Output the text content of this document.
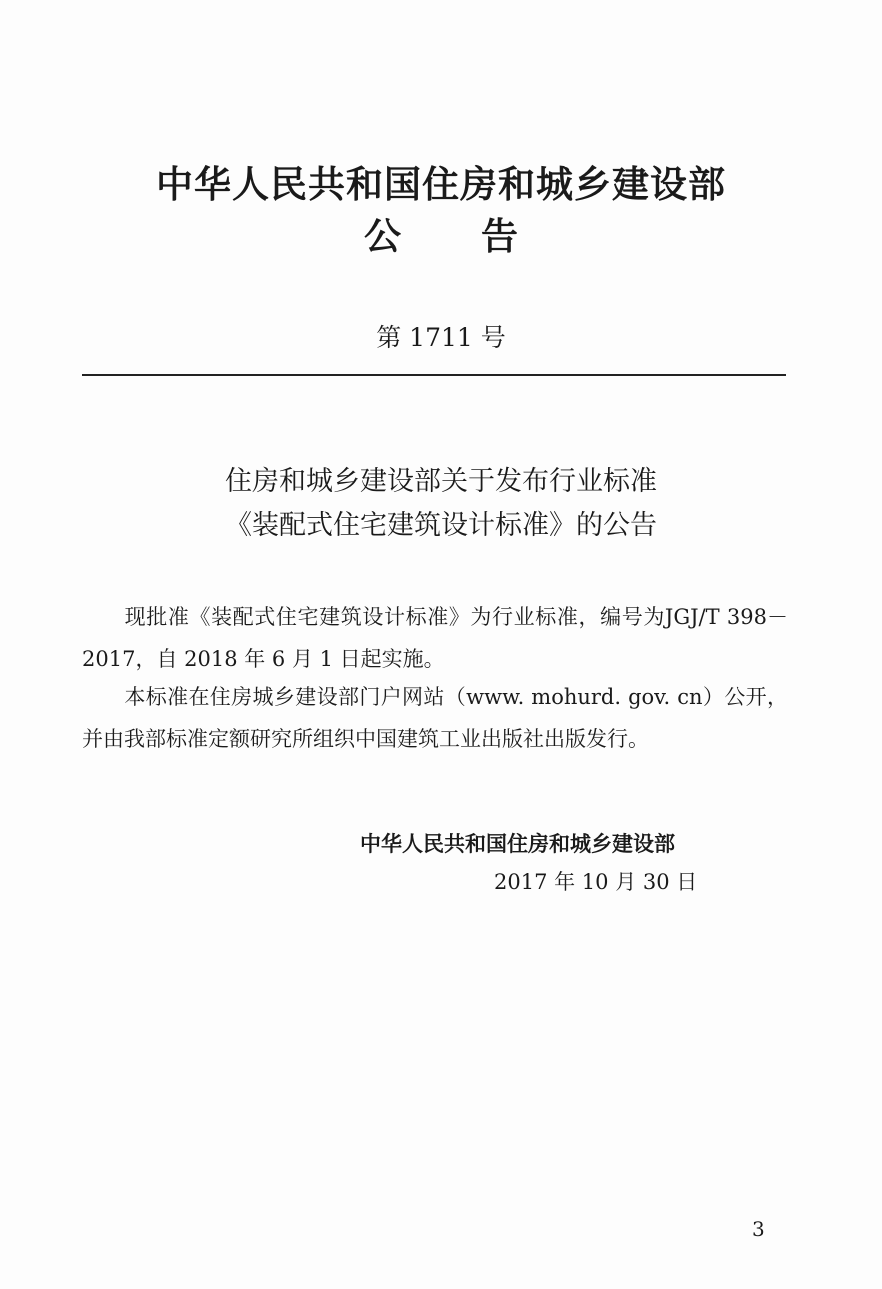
中华人民共和国住房和城乡建设部
公告
第 1711 号
住房和城乡建设部关于发布行业标准
《装配式住宅建筑设计标准》的公告
现批准《装配式住宅建筑设计标准》为行业标准，编号为JGJ/T 398－2017，自 2018 年 6 月 1 日起实施。
本标准在住房城乡建设部门户网站（www. mohurd. gov. cn）公开，并由我部标准定额研究所组织中国建筑工业出版社出版发行。
中华人民共和国住房和城乡建设部
2017 年 10 月 30 日
3
